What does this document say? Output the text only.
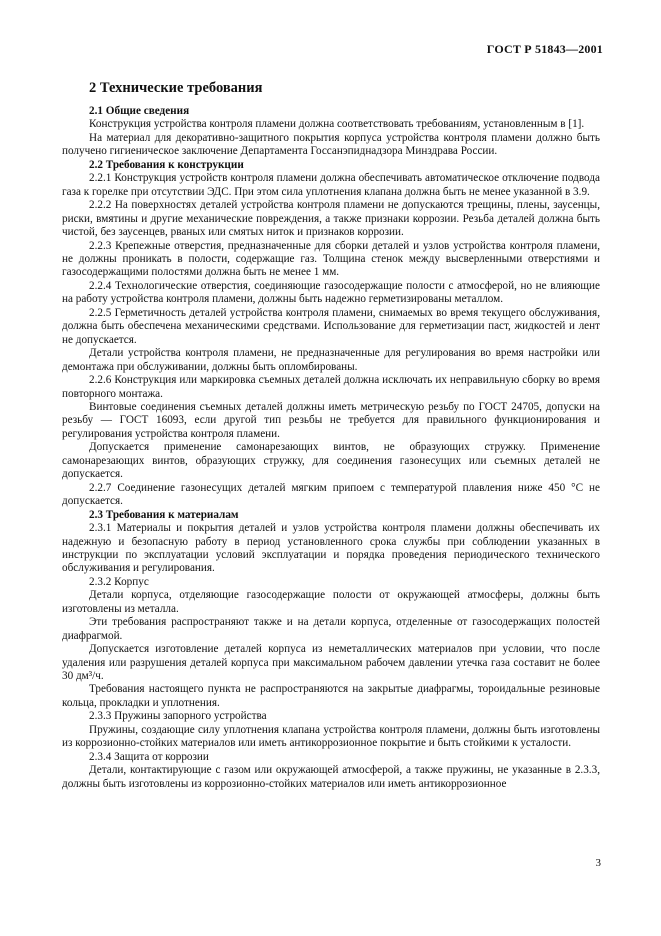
ГОСТ Р 51843—2001
2 Технические требования

2.1 Общие сведения

Конструкция устройства контроля пламени должна соответствовать требованиям, установленным в [1].

На материал для декоративно-защитного покрытия корпуса устройства контроля пламени должно быть получено гигиеническое заключение Департамента Госсанэпиднадзора Минздрава России.

2.2 Требования к конструкции

2.2.1 Конструкция устройств контроля пламени должна обеспечивать автоматическое отключение подвода газа к горелке при отсутствии ЭДС. При этом сила уплотнения клапана должна быть не менее указанной в 3.9.

2.2.2 На поверхностях деталей устройства контроля пламени не допускаются трещины, плены, заусенцы, риски, вмятины и другие механические повреждения, а также признаки коррозии. Резьба деталей должна быть чистой, без заусенцев, рваных или смятых ниток и признаков коррозии.

2.2.3 Крепежные отверстия, предназначенные для сборки деталей и узлов устройства контроля пламени, не должны проникать в полости, содержащие газ. Толщина стенок между высверленными отверстиями и газосодержащими полостями должна быть не менее 1 мм.

2.2.4 Технологические отверстия, соединяющие газосодержащие полости с атмосферой, но не влияющие на работу устройства контроля пламени, должны быть надежно герметизированы металлом.

2.2.5 Герметичность деталей устройства контроля пламени, снимаемых во время текущего обслуживания, должна быть обеспечена механическими средствами. Использование для герметизации паст, жидкостей и лент не допускается.

Детали устройства контроля пламени, не предназначенные для регулирования во время настройки или демонтажа при обслуживании, должны быть опломбированы.

2.2.6 Конструкция или маркировка съемных деталей должна исключать их неправильную сборку во время повторного монтажа.

Винтовые соединения съемных деталей должны иметь метрическую резьбу по ГОСТ 24705, допуски на резьбу — ГОСТ 16093, если другой тип резьбы не требуется для правильного функционирования и регулирования устройства контроля пламени.

Допускается применение самонарезающих винтов, не образующих стружку. Применение самонарезающих винтов, образующих стружку, для соединения газонесущих или съемных деталей не допускается.

2.2.7 Соединение газонесущих деталей мягким припоем с температурой плавления ниже 450 °С не допускается.

2.3 Требования к материалам

2.3.1 Материалы и покрытия деталей и узлов устройства контроля пламени должны обеспечивать их надежную и безопасную работу в период установленного срока службы при соблюдении указанных в инструкции по эксплуатации условий эксплуатации и порядка проведения периодического технического обслуживания и регулирования.

2.3.2 Корпус

Детали корпуса, отделяющие газосодержащие полости от окружающей атмосферы, должны быть изготовлены из металла.

Эти требования распространяют также и на детали корпуса, отделенные от газосодержащих полостей диафрагмой.

Допускается изготовление деталей корпуса из неметаллических материалов при условии, что после удаления или разрушения деталей корпуса при максимальном рабочем давлении утечка газа составит не более 30 дм³/ч.

Требования настоящего пункта не распространяются на закрытые диафрагмы, тороидальные резиновые кольца, прокладки и уплотнения.

2.3.3 Пружины запорного устройства

Пружины, создающие силу уплотнения клапана устройства контроля пламени, должны быть изготовлены из коррозионно-стойких материалов или иметь антикоррозионное покрытие и быть стойкими к усталости.

2.3.4 Защита от коррозии

Детали, контактирующие с газом или окружающей атмосферой, а также пружины, не указанные в 2.3.3, должны быть изготовлены из коррозионно-стойких материалов или иметь антикоррозионное

3
